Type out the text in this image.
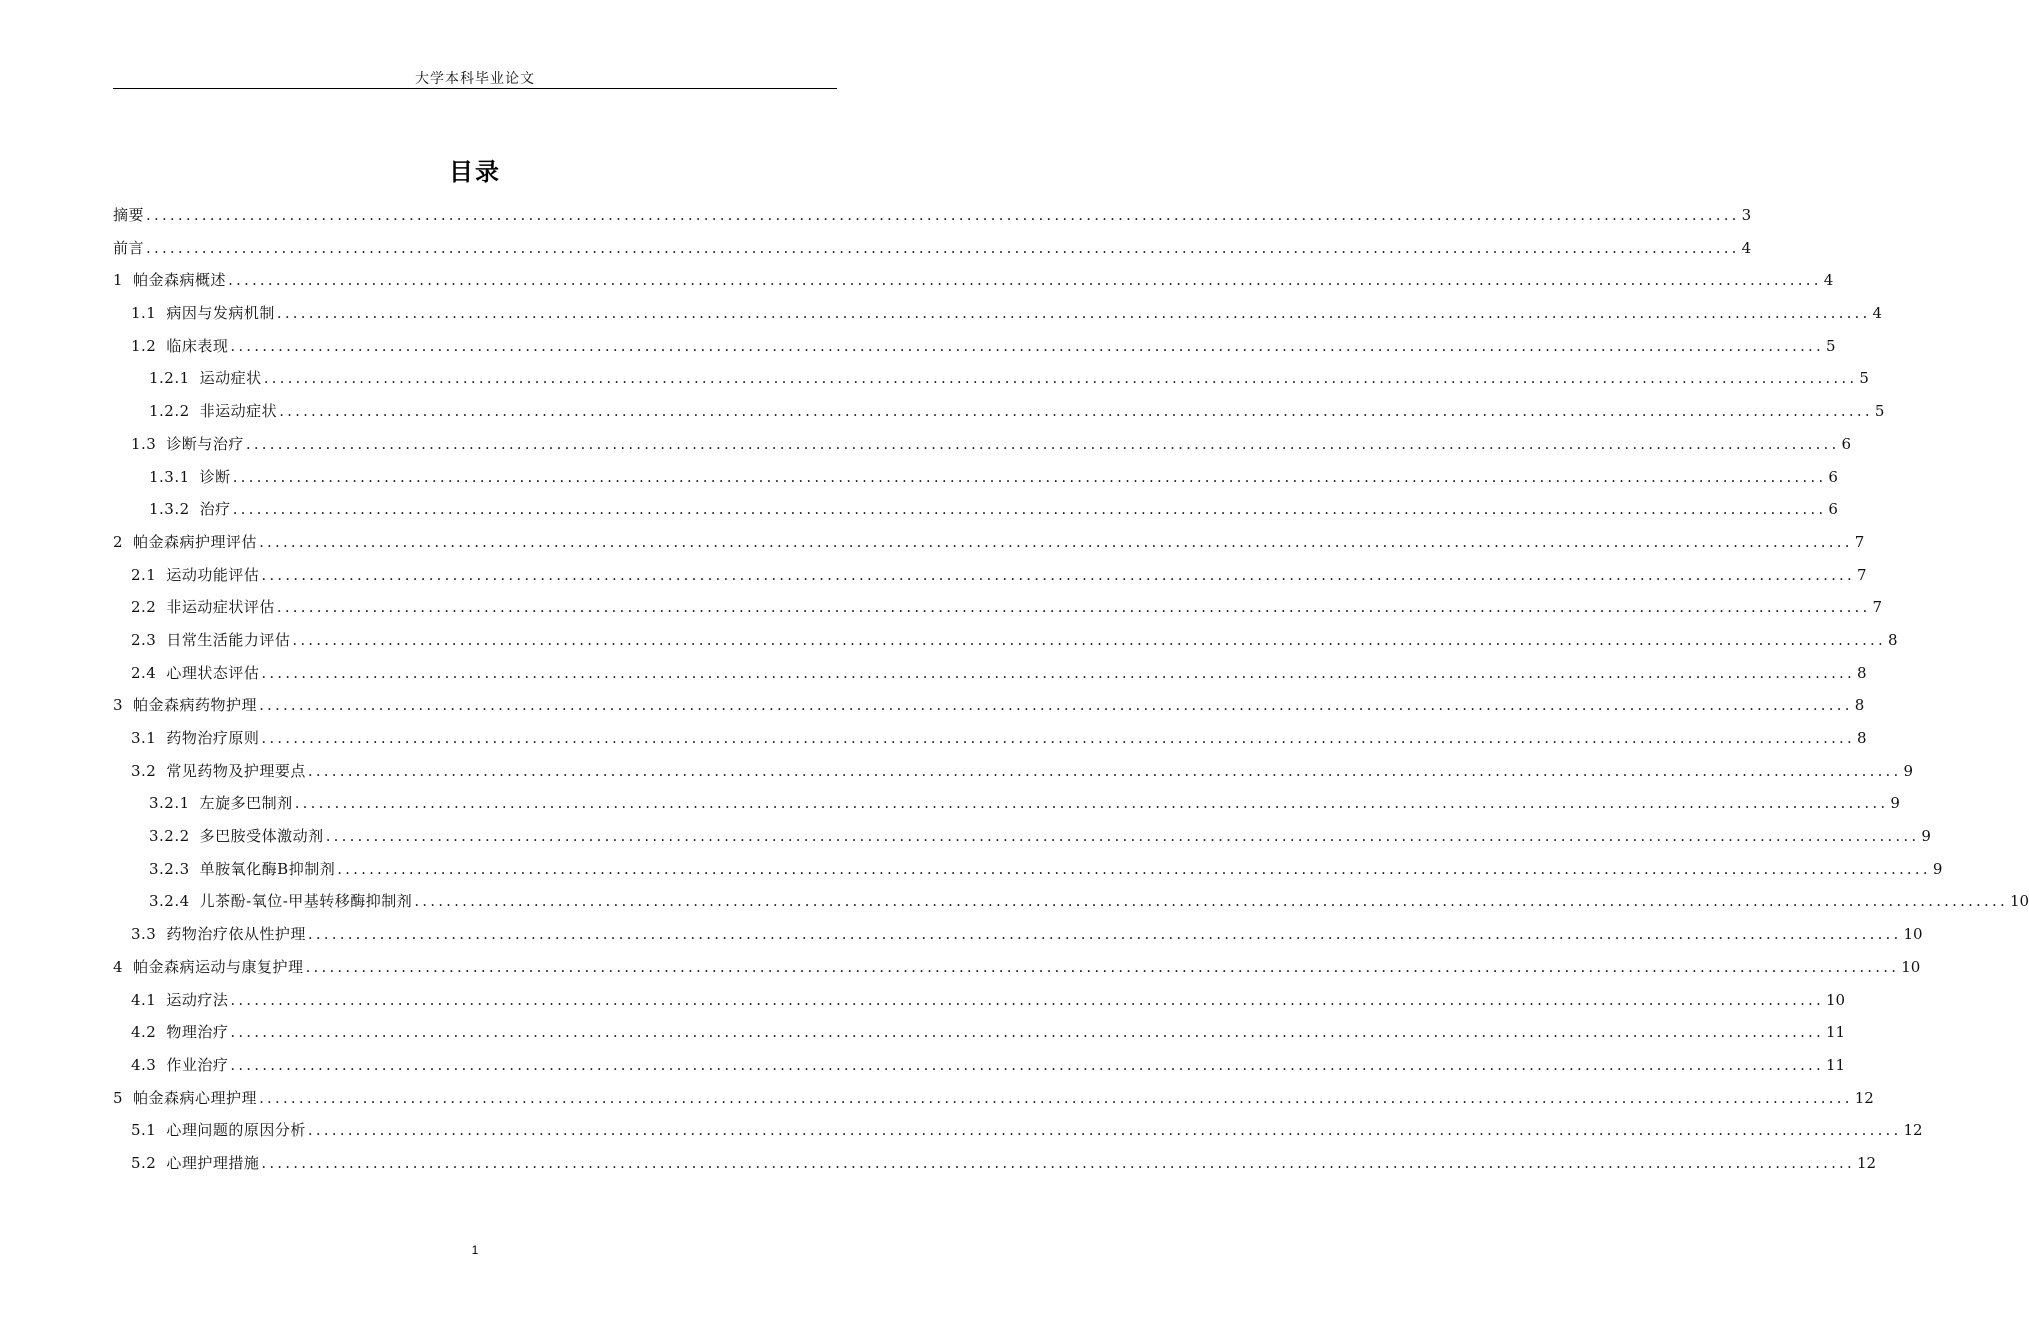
大学本科毕业论文
目录
摘要 ........................................................................................................................................................................................................ 3
前言 ........................................................................................................................................................................................................ 4
1 帕金森病概述 ........................................................................................................................................................................................................ 4
1.1 病因与发病机制 ........................................................................................................................................................................................................ 4
1.2 临床表现 ........................................................................................................................................................................................................ 5
1.2.1 运动症状 ........................................................................................................................................................................................................ 5
1.2.2 非运动症状 ........................................................................................................................................................................................................ 5
1.3 诊断与治疗 ........................................................................................................................................................................................................ 6
1.3.1 诊断 ........................................................................................................................................................................................................ 6
1.3.2 治疗 ........................................................................................................................................................................................................ 6
2 帕金森病护理评估 ........................................................................................................................................................................................................ 7
2.1 运动功能评估 ........................................................................................................................................................................................................ 7
2.2 非运动症状评估 ........................................................................................................................................................................................................ 7
2.3 日常生活能力评估 ........................................................................................................................................................................................................ 8
2.4 心理状态评估 ........................................................................................................................................................................................................ 8
3 帕金森病药物护理 ........................................................................................................................................................................................................ 8
3.1 药物治疗原则 ........................................................................................................................................................................................................ 8
3.2 常见药物及护理要点 ........................................................................................................................................................................................................ 9
3.2.1 左旋多巴制剂 ........................................................................................................................................................................................................ 9
3.2.2 多巴胺受体激动剂 ........................................................................................................................................................................................................ 9
3.2.3 单胺氧化酶B抑制剂 ........................................................................................................................................................................................................ 9
3.2.4 儿茶酚-氧位-甲基转移酶抑制剂 ........................................................................................................................................................................................................ 10
3.3 药物治疗依从性护理 ........................................................................................................................................................................................................ 10
4 帕金森病运动与康复护理 ........................................................................................................................................................................................................ 10
4.1 运动疗法 ........................................................................................................................................................................................................ 10
4.2 物理治疗 ........................................................................................................................................................................................................ 11
4.3 作业治疗 ........................................................................................................................................................................................................ 11
5 帕金森病心理护理 ........................................................................................................................................................................................................ 12
5.1 心理问题的原因分析 ........................................................................................................................................................................................................ 12
5.2 心理护理措施 ........................................................................................................................................................................................................ 12
1
